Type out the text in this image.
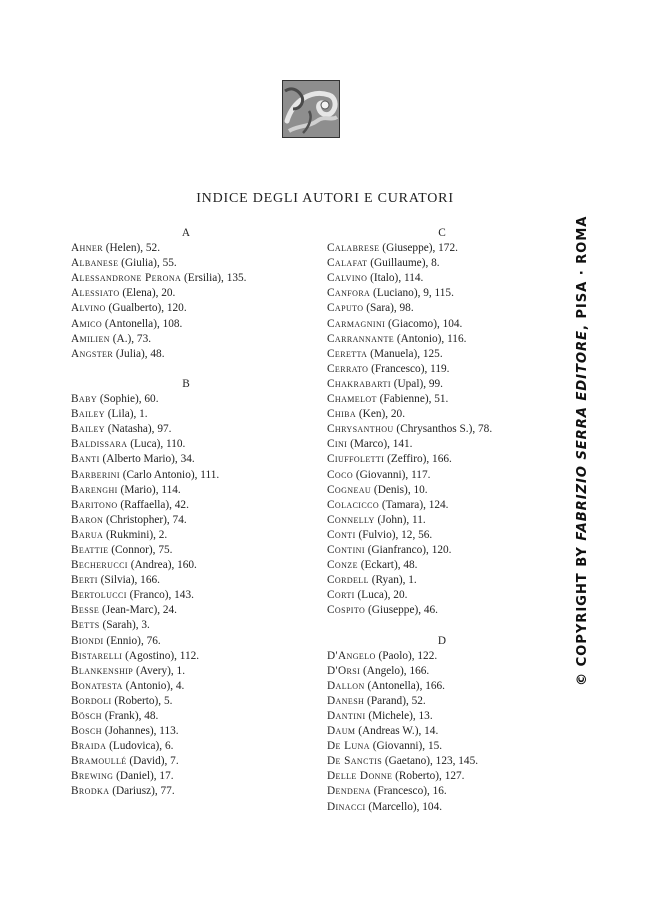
INDICE DEGLI AUTORI E CURATORI
A
Ahner (Helen), 52.
Albanese (Giulia), 55.
Alessandrone Perona (Ersilia), 135.
Alessiato (Elena), 20.
Alvino (Gualberto), 120.
Amico (Antonella), 108.
Amilien (A.), 73.
Angster (Julia), 48.
B
Baby (Sophie), 60.
Bailey (Lila), 1.
Bailey (Natasha), 97.
Baldissara (Luca), 110.
Banti (Alberto Mario), 34.
Barberini (Carlo Antonio), 111.
Barenghi (Mario), 114.
Baritono (Raffaella), 42.
Baron (Christopher), 74.
Barua (Rukmini), 2.
Beattie (Connor), 75.
Becherucci (Andrea), 160.
Berti (Silvia), 166.
Bertolucci (Franco), 143.
Besse (Jean-Marc), 24.
Betts (Sarah), 3.
Biondi (Ennio), 76.
Bistarelli (Agostino), 112.
Blankenship (Avery), 1.
Bonatesta (Antonio), 4.
Bordoli (Roberto), 5.
Bösch (Frank), 48.
Bosch (Johannes), 113.
Braida (Ludovica), 6.
Bramoullé (David), 7.
Brewing (Daniel), 17.
Brodka (Dariusz), 77.
C
Calabrese (Giuseppe), 172.
Calafat (Guillaume), 8.
Calvino (Italo), 114.
Canfora (Luciano), 9, 115.
Caputo (Sara), 98.
Carmagnini (Giacomo), 104.
Carrannante (Antonio), 116.
Ceretta (Manuela), 125.
Cerrato (Francesco), 119.
Chakrabarti (Upal), 99.
Chamelot (Fabienne), 51.
Chiba (Ken), 20.
Chrysanthou (Chrysanthos S.), 78.
Cini (Marco), 141.
Ciuffoletti (Zeffiro), 166.
Coco (Giovanni), 117.
Cogneau (Denis), 10.
Colacicco (Tamara), 124.
Connelly (John), 11.
Conti (Fulvio), 12, 56.
Contini (Gianfranco), 120.
Conze (Eckart), 48.
Cordell (Ryan), 1.
Corti (Luca), 20.
Cospito (Giuseppe), 46.
D
D'Angelo (Paolo), 122.
D'Orsi (Angelo), 166.
Dallon (Antonella), 166.
Danesh (Parand), 52.
Dantini (Michele), 13.
Daum (Andreas W.), 14.
De Luna (Giovanni), 15.
De Sanctis (Gaetano), 123, 145.
Delle Donne (Roberto), 127.
Dendena (Francesco), 16.
Dinacci (Marcello), 104.
© COPYRIGHT BY FABRIZIO SERRA EDITORE, PISA · ROMA
